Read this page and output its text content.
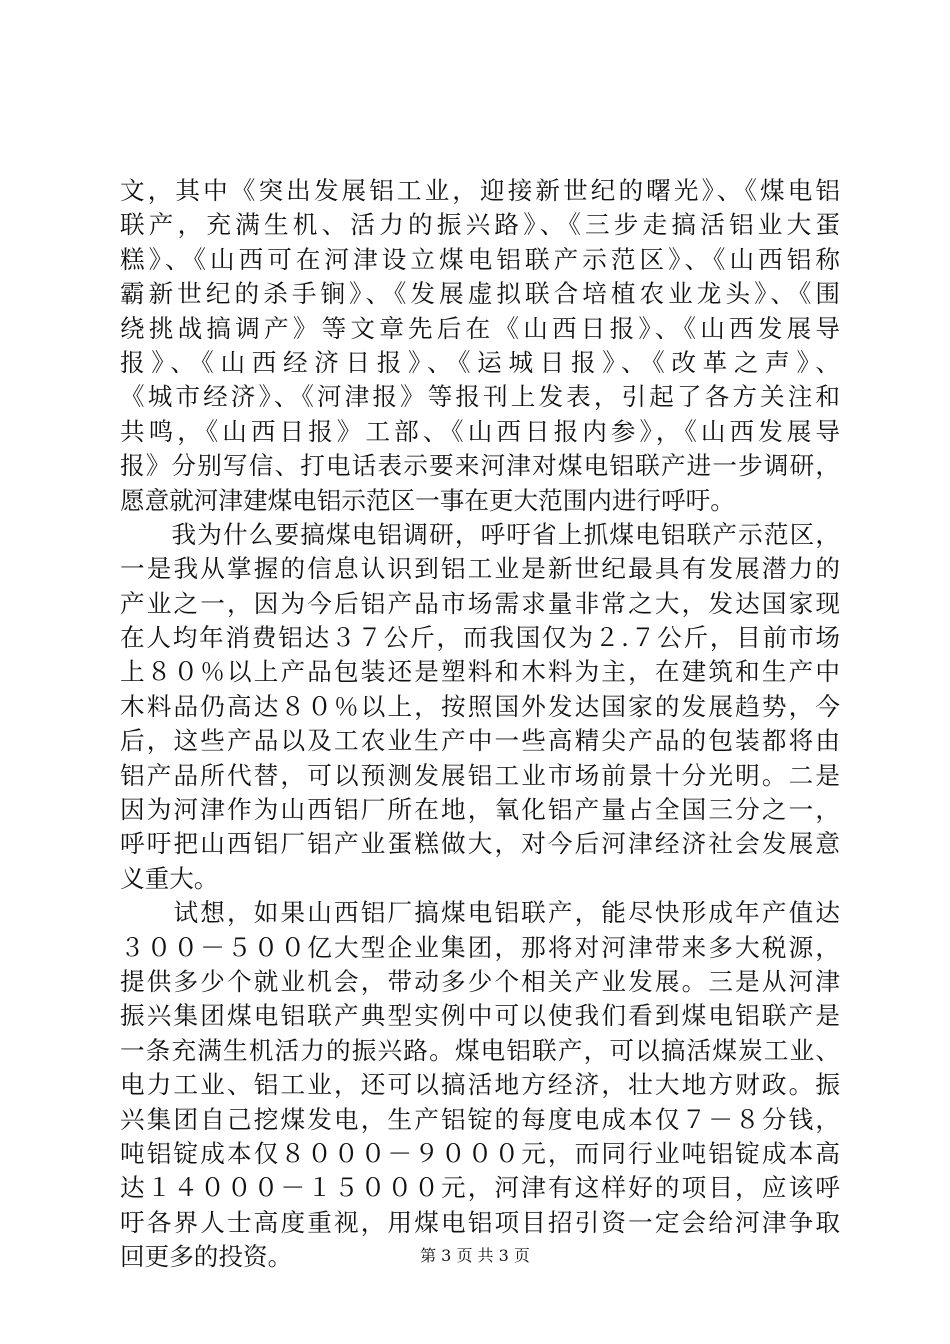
文，其中《突出发展铝工业，迎接新世纪的曙光》、《煤电铝
联产，充满生机、活力的振兴路》、《三步走搞活铝业大蛋
糕》、《山西可在河津设立煤电铝联产示范区》、《山西铝称
霸新世纪的杀手锏》、《发展虚拟联合培植农业龙头》、《围
绕挑战搞调产》等文章先后在《山西日报》、《山西发展导
报》、《山西经济日报》、《运城日报》、《改革之声》、
《城市经济》、《河津报》等报刊上发表，引起了各方关注和
共鸣，《山西日报》工部、《山西日报内参》，《山西发展导
报》分别写信、打电话表示要来河津对煤电铝联产进一步调研，
愿意就河津建煤电铝示范区一事在更大范围内进行呼吁。
　　我为什么要搞煤电铝调研，呼吁省上抓煤电铝联产示范区，
一是我从掌握的信息认识到铝工业是新世纪最具有发展潜力的
产业之一，因为今后铝产品市场需求量非常之大，发达国家现
在人均年消费铝达３７公斤，而我国仅为２.７公斤，目前市场
上８０％以上产品包装还是塑料和木料为主，在建筑和生产中
木料品仍高达８０％以上，按照国外发达国家的发展趋势，今
后，这些产品以及工农业生产中一些高精尖产品的包装都将由
铝产品所代替，可以预测发展铝工业市场前景十分光明。二是
因为河津作为山西铝厂所在地，氧化铝产量占全国三分之一，
呼吁把山西铝厂铝产业蛋糕做大，对今后河津经济社会发展意
义重大。
　　试想，如果山西铝厂搞煤电铝联产，能尽快形成年产值达
３００－５００亿大型企业集团，那将对河津带来多大税源，
提供多少个就业机会，带动多少个相关产业发展。三是从河津
振兴集团煤电铝联产典型实例中可以使我们看到煤电铝联产是
一条充满生机活力的振兴路。煤电铝联产，可以搞活煤炭工业、
电力工业、铝工业，还可以搞活地方经济，壮大地方财政。振
兴集团自己挖煤发电，生产铝锭的每度电成本仅７－８分钱，
吨铝锭成本仅８０００－９０００元，而同行业吨铝锭成本高
达１４０００－１５０００元，河津有这样好的项目，应该呼
吁各界人士高度重视，用煤电铝项目招引资一定会给河津争取
回更多的投资。	第 3 页 共 3 页
